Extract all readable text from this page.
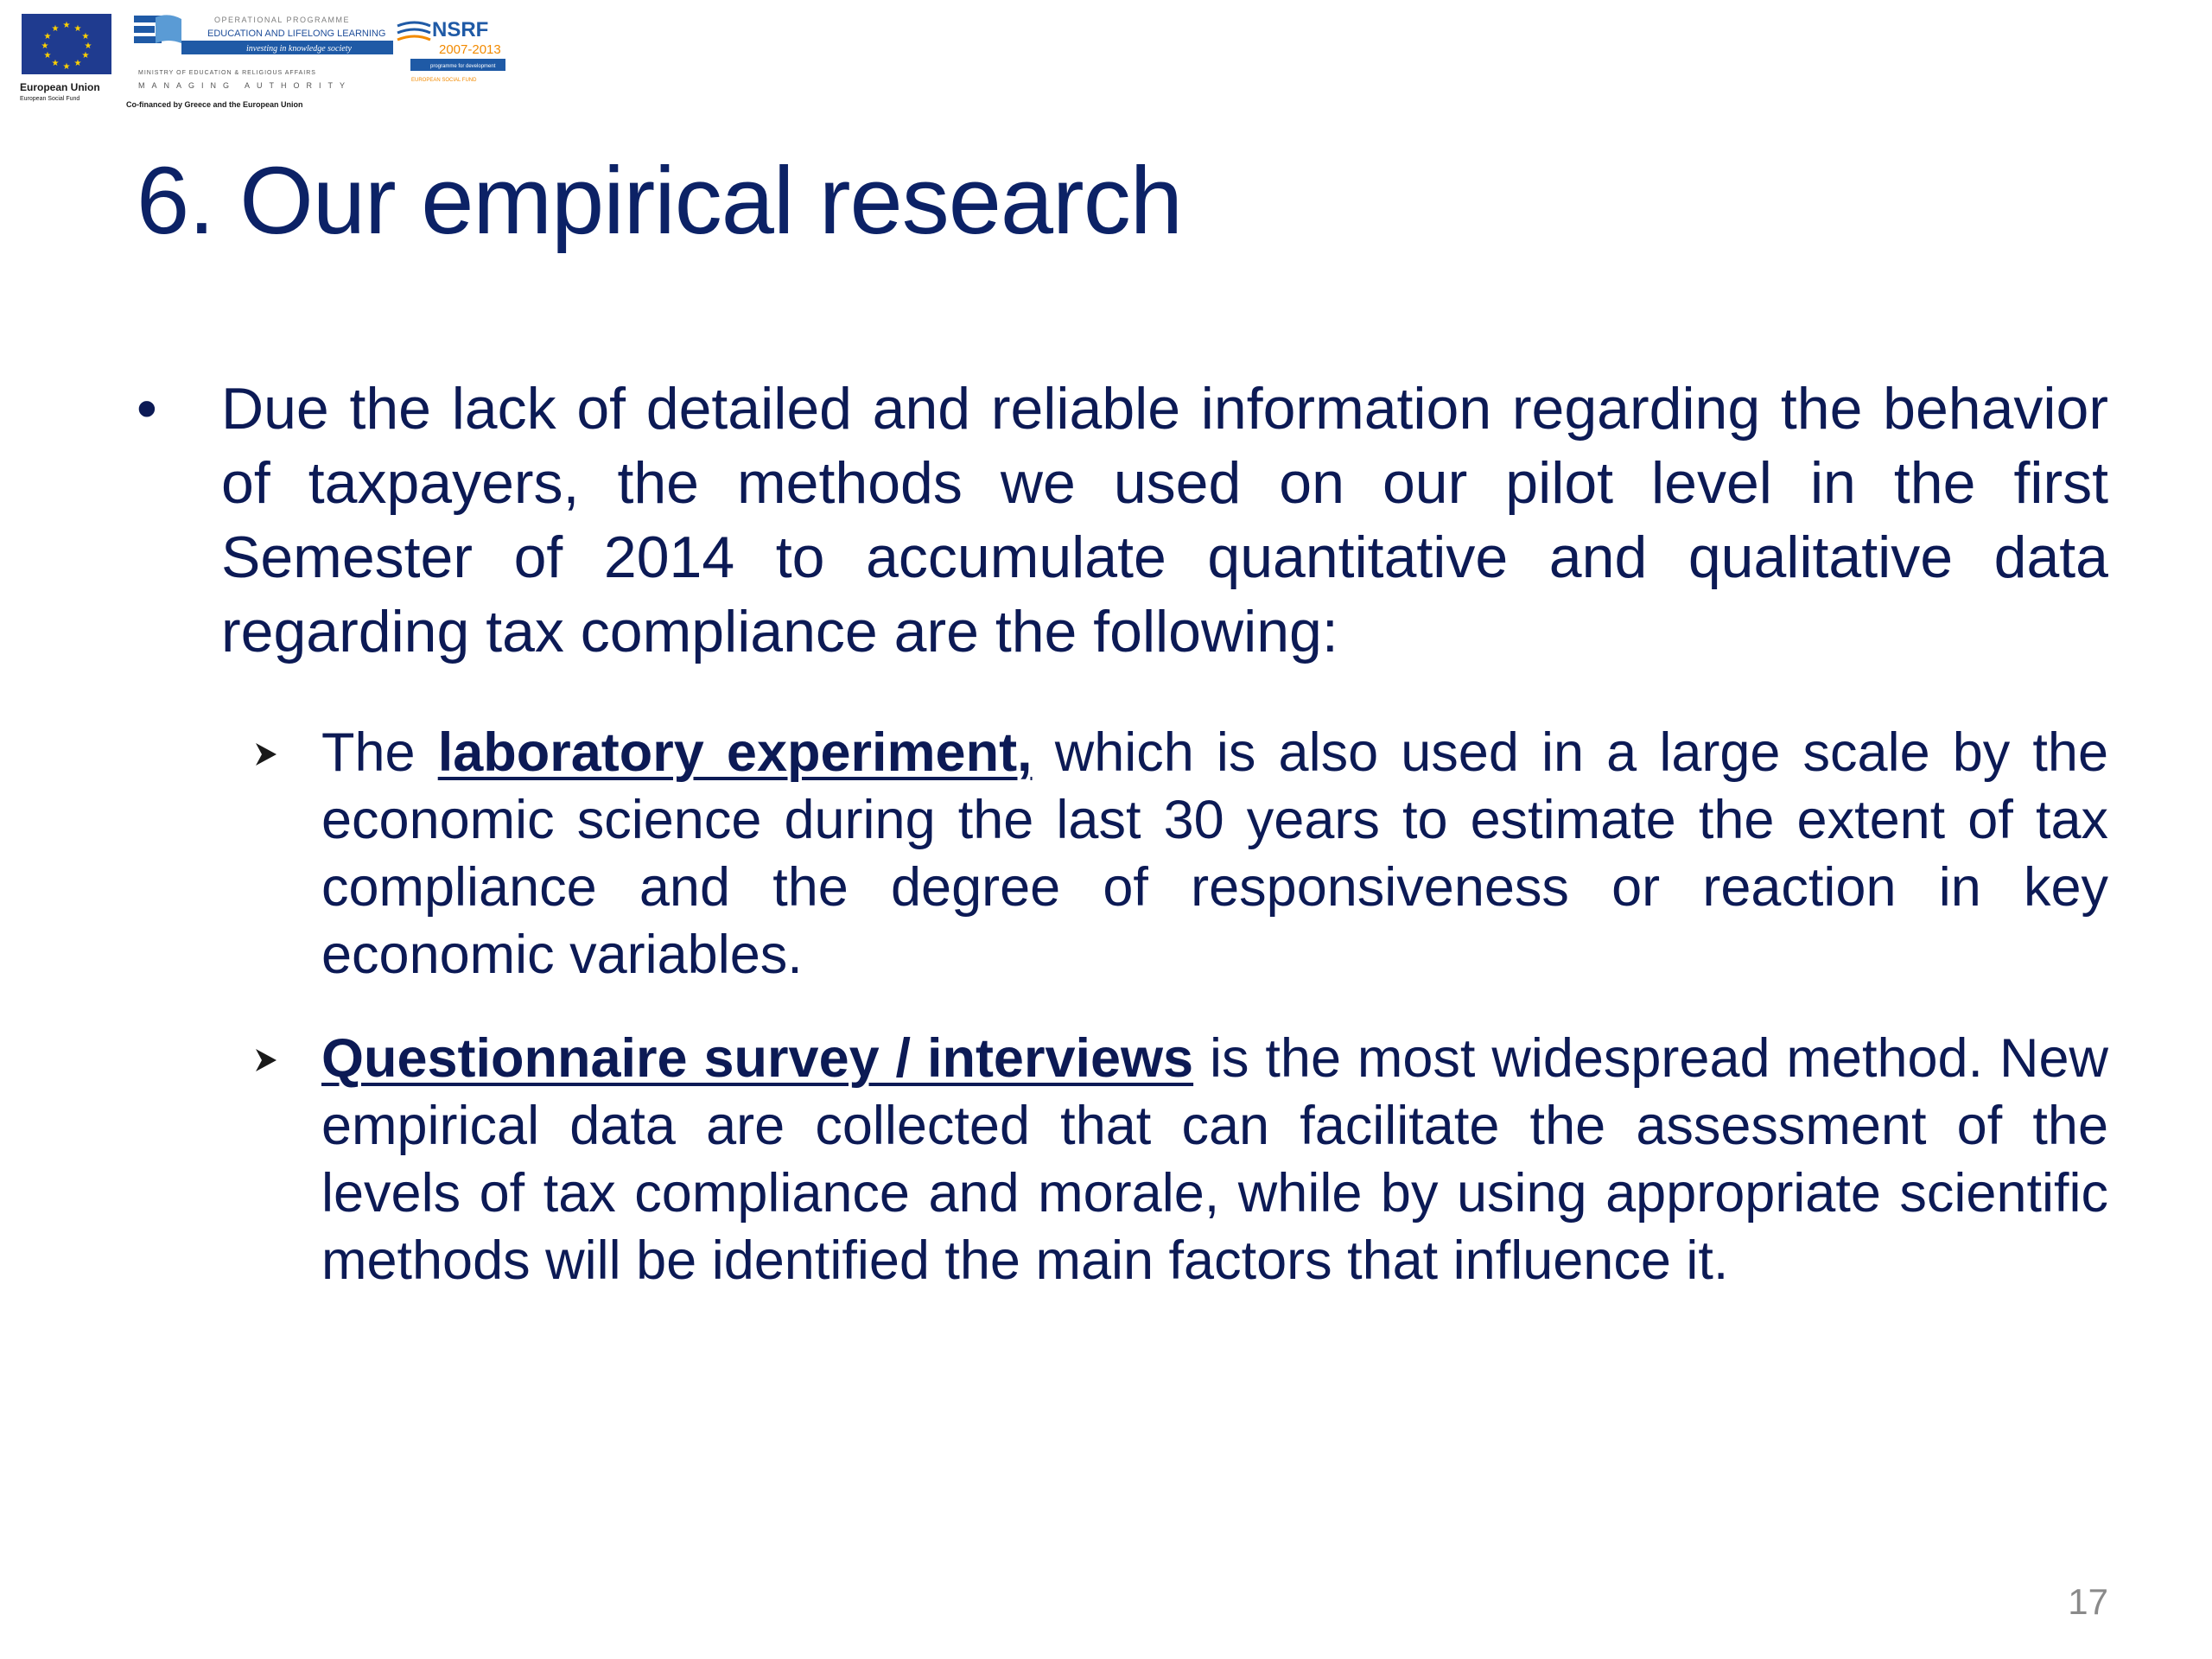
★ ★
★
★
★
★
★
★
★
★
★
★
European Union
European Social Fund
OPERATIONAL PROGRAMME
EDUCATION AND LIFELONG LEARNING
investing in knowledge society
MINISTRY OF EDUCATION & RELIGIOUS AFFAIRS
MANAGING AUTHORITY
Co-financed by Greece and the European Union
NSRF
2007-2013
programme for development
EUROPEAN SOCIAL FUND
6. Our empirical research
• Due the lack of detailed and reliable information regarding the behavior of taxpayers, the methods we used on our pilot level in the first Semester of 2014 to accumulate quantitative and qualitative data regarding tax compliance are the following:
The laboratory experiment, which is also used in a large scale by the economic science during the last 30 years to estimate the extent of tax compliance and the degree of responsiveness or reaction in key economic variables.
Questionnaire survey / interviews is the most widespread method. New empirical data are collected that can facilitate the assessment of the levels of tax compliance and morale, while by using appropriate scientific methods will be identified the main factors that influence it.
17
